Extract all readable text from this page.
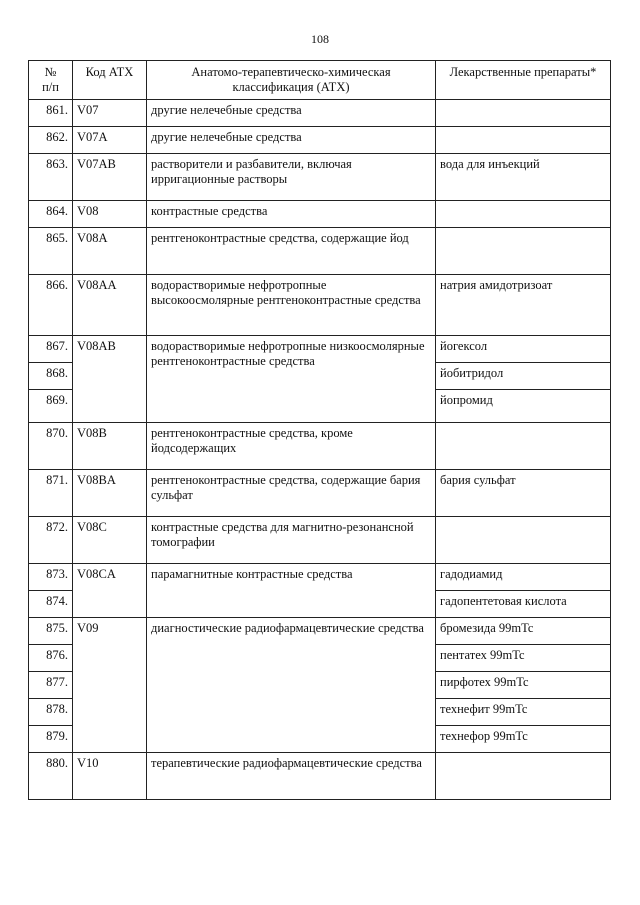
108
№
п/п	Код АТХ	Анатомо-терапевтическо-химическая классификация (АТХ)	Лекарственные препараты*
861.	V07	другие нелечебные средства	
862.	V07A	другие нелечебные средства	
863.	V07AB	растворители и разбавители, включая ирригационные растворы	вода для инъекций
864.	V08	контрастные средства	
865.	V08A	рентгеноконтрастные средства, содержащие йод	
866.	V08AA	водорастворимые нефротропные высокоосмолярные рентгеноконтрастные средства	натрия амидотризоат
867.	V08AB	водорастворимые нефротропные низкоосмолярные рентгеноконтрастные средства	йогексол
868.			йобитридол
869.			йопромид
870.	V08B	рентгеноконтрастные средства, кроме йодсодержащих	
871.	V08BA	рентгеноконтрастные средства, содержащие бария сульфат	бария сульфат
872.	V08C	контрастные средства для магнитно-резонансной томографии	
873.	V08CA	парамагнитные контрастные средства	гадодиамид
874.			гадопентетовая кислота
875.	V09	диагностические радиофармацевтические средства	бромезида 99mTc
876.			пентатех 99mTc
877.			пирфотех 99mTc
878.			технефит 99mTc
879.			технефор 99mTc
880.	V10	терапевтические радиофармацевтические средства	
